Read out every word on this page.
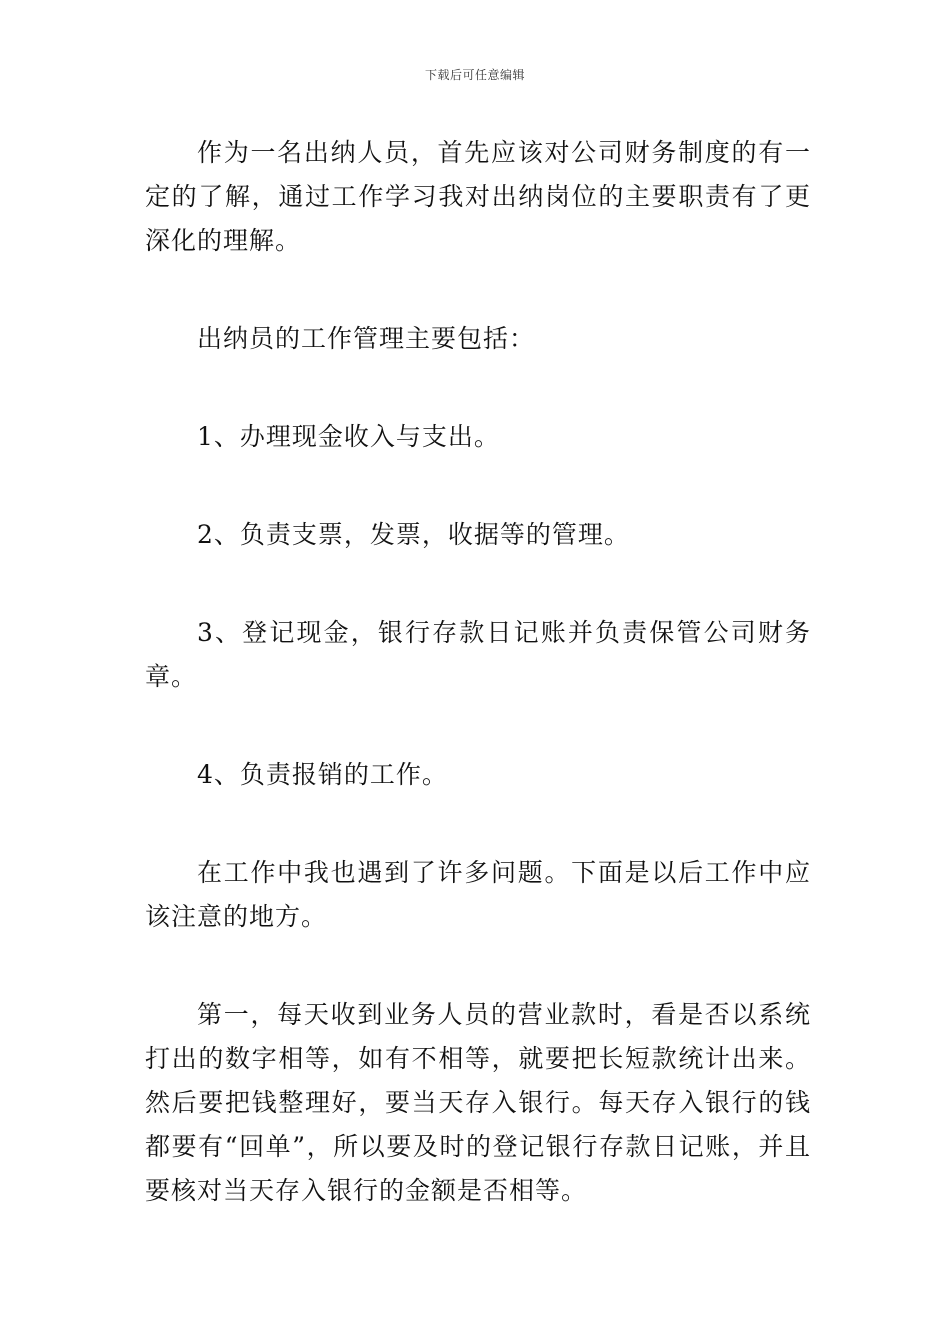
下载后可任意编辑

作为一名出纳人员，首先应该对公司财务制度的有一定的了解，通过工作学习我对出纳岗位的主要职责有了更深化的理解。

出纳员的工作管理主要包括：

1、办理现金收入与支出。

2、负责支票，发票，收据等的管理。

3、登记现金，银行存款日记账并负责保管公司财务章。

4、负责报销的工作。

在工作中我也遇到了许多问题。下面是以后工作中应该注意的地方。

第一，每天收到业务人员的营业款时，看是否以系统打出的数字相等，如有不相等，就要把长短款统计出来。然后要把钱整理好，要当天存入银行。每天存入银行的钱都要有“回单”，所以要及时的登记银行存款日记账，并且要核对当天存入银行的金额是否相等。
